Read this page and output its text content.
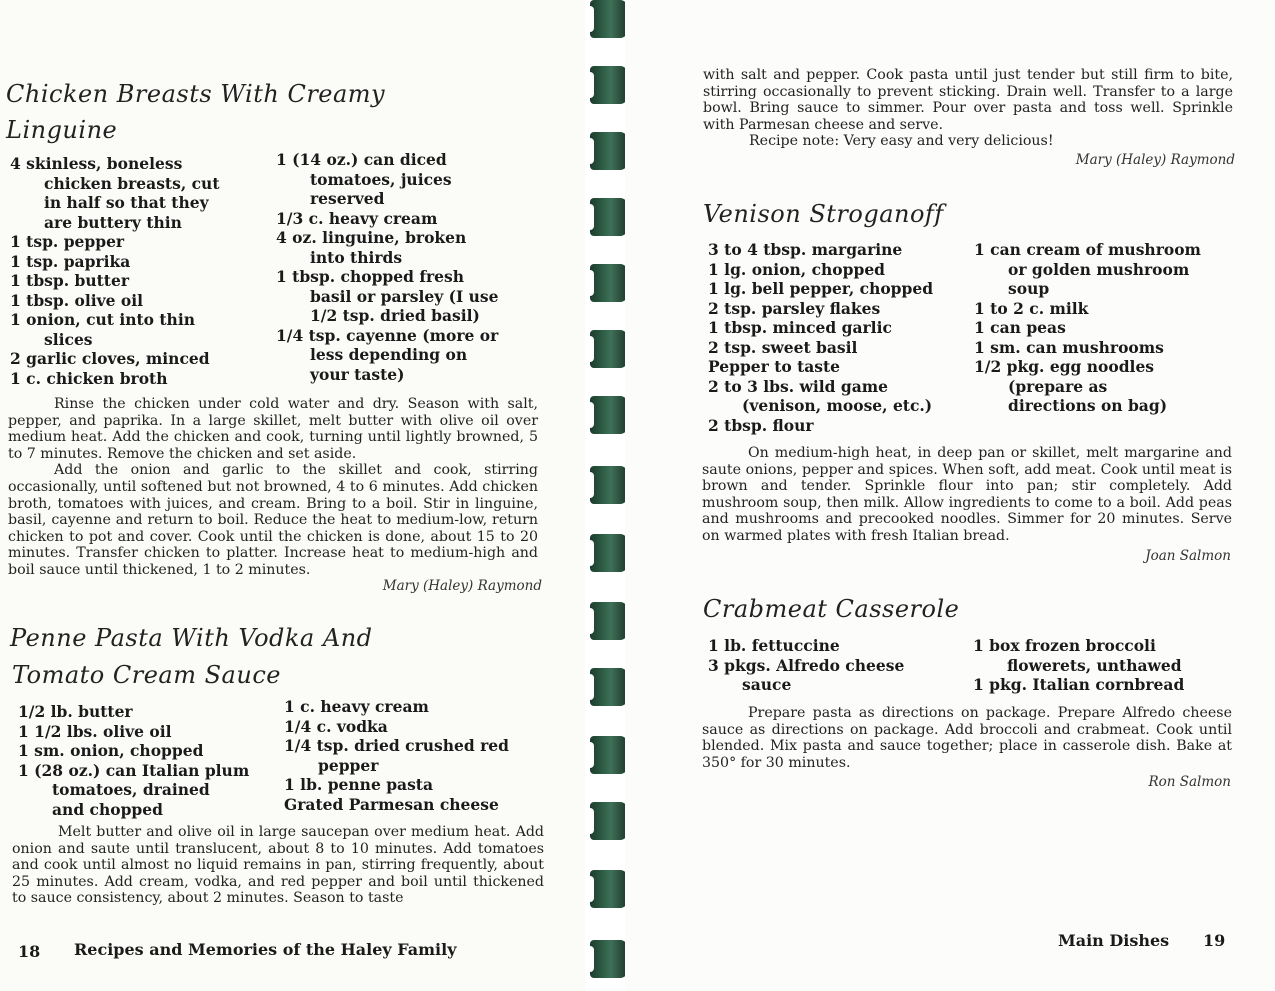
Chicken Breasts With Creamy
Linguine
4 skinless, boneless
chicken breasts, cut
in half so that they
are buttery thin
1 tsp. pepper
1 tsp. paprika
1 tbsp. butter
1 tbsp. olive oil
1 onion, cut into thin
slices
2 garlic cloves, minced
1 c. chicken broth
1 (14 oz.) can diced
tomatoes, juices
reserved
1/3 c. heavy cream
4 oz. linguine, broken
into thirds
1 tbsp. chopped fresh
basil or parsley (I use
1/2 tsp. dried basil)
1/4 tsp. cayenne (more or
less depending on
your taste)

Rinse the chicken under cold water and dry. Season with salt, pepper, and paprika. In a large skillet, melt butter with olive oil over medium heat. Add the chicken and cook, turning until lightly browned, 5 to 7 minutes. Remove the chicken and set aside.

Add the onion and garlic to the skillet and cook, stirring occasionally, until softened but not browned, 4 to 6 minutes. Add chicken broth, tomatoes with juices, and cream. Bring to a boil. Stir in linguine, basil, cayenne and return to boil. Reduce the heat to medium-low, return chicken to pot and cover. Cook until the chicken is done, about 15 to 20 minutes. Transfer chicken to platter. Increase heat to medium-high and boil sauce until thickened, 1 to 2 minutes.

Mary (Haley) Raymond
Penne Pasta With Vodka And
Tomato Cream Sauce
1/2 lb. butter
1 1/2 lbs. olive oil
1 sm. onion, chopped
1 (28 oz.) can Italian plum
tomatoes, drained
and chopped
1 c. heavy cream
1/4 c. vodka
1/4 tsp. dried crushed red
pepper
1 lb. penne pasta
Grated Parmesan cheese

Melt butter and olive oil in large saucepan over medium heat. Add onion and saute until translucent, about 8 to 10 minutes. Add tomatoes and cook until almost no liquid remains in pan, stirring frequently, about 25 minutes. Add cream, vodka, and red pepper and boil until thickened to sauce consistency, about 2 minutes. Season to taste

18 Recipes and Memories of the Haley Family

with salt and pepper. Cook pasta until just tender but still firm to bite, stirring occasionally to prevent sticking. Drain well. Transfer to a large bowl. Bring sauce to simmer. Pour over pasta and toss well. Sprinkle with Parmesan cheese and serve.

Recipe note: Very easy and very delicious!

Mary (Haley) Raymond
Venison Stroganoff
3 to 4 tbsp. margarine
1 lg. onion, chopped
1 lg. bell pepper, chopped
2 tsp. parsley flakes
1 tbsp. minced garlic
2 tsp. sweet basil
Pepper to taste
2 to 3 lbs. wild game
(venison, moose, etc.)
2 tbsp. flour
1 can cream of mushroom
or golden mushroom
soup
1 to 2 c. milk
1 can peas
1 sm. can mushrooms
1/2 pkg. egg noodles
(prepare as
directions on bag)

On medium-high heat, in deep pan or skillet, melt margarine and saute onions, pepper and spices. When soft, add meat. Cook until meat is brown and tender. Sprinkle flour into pan; stir completely. Add mushroom soup, then milk. Allow ingredients to come to a boil. Add peas and mushrooms and precooked noodles. Simmer for 20 minutes. Serve on warmed plates with fresh Italian bread.

Joan Salmon
Crabmeat Casserole
1 lb. fettuccine
3 pkgs. Alfredo cheese
sauce
1 box frozen broccoli
flowerets, unthawed
1 pkg. Italian cornbread

Prepare pasta as directions on package. Prepare Alfredo cheese sauce as directions on package. Add broccoli and crabmeat. Cook until blended. Mix pasta and sauce together; place in casserole dish. Bake at 350° for 30 minutes.

Ron Salmon
Main Dishes 19
